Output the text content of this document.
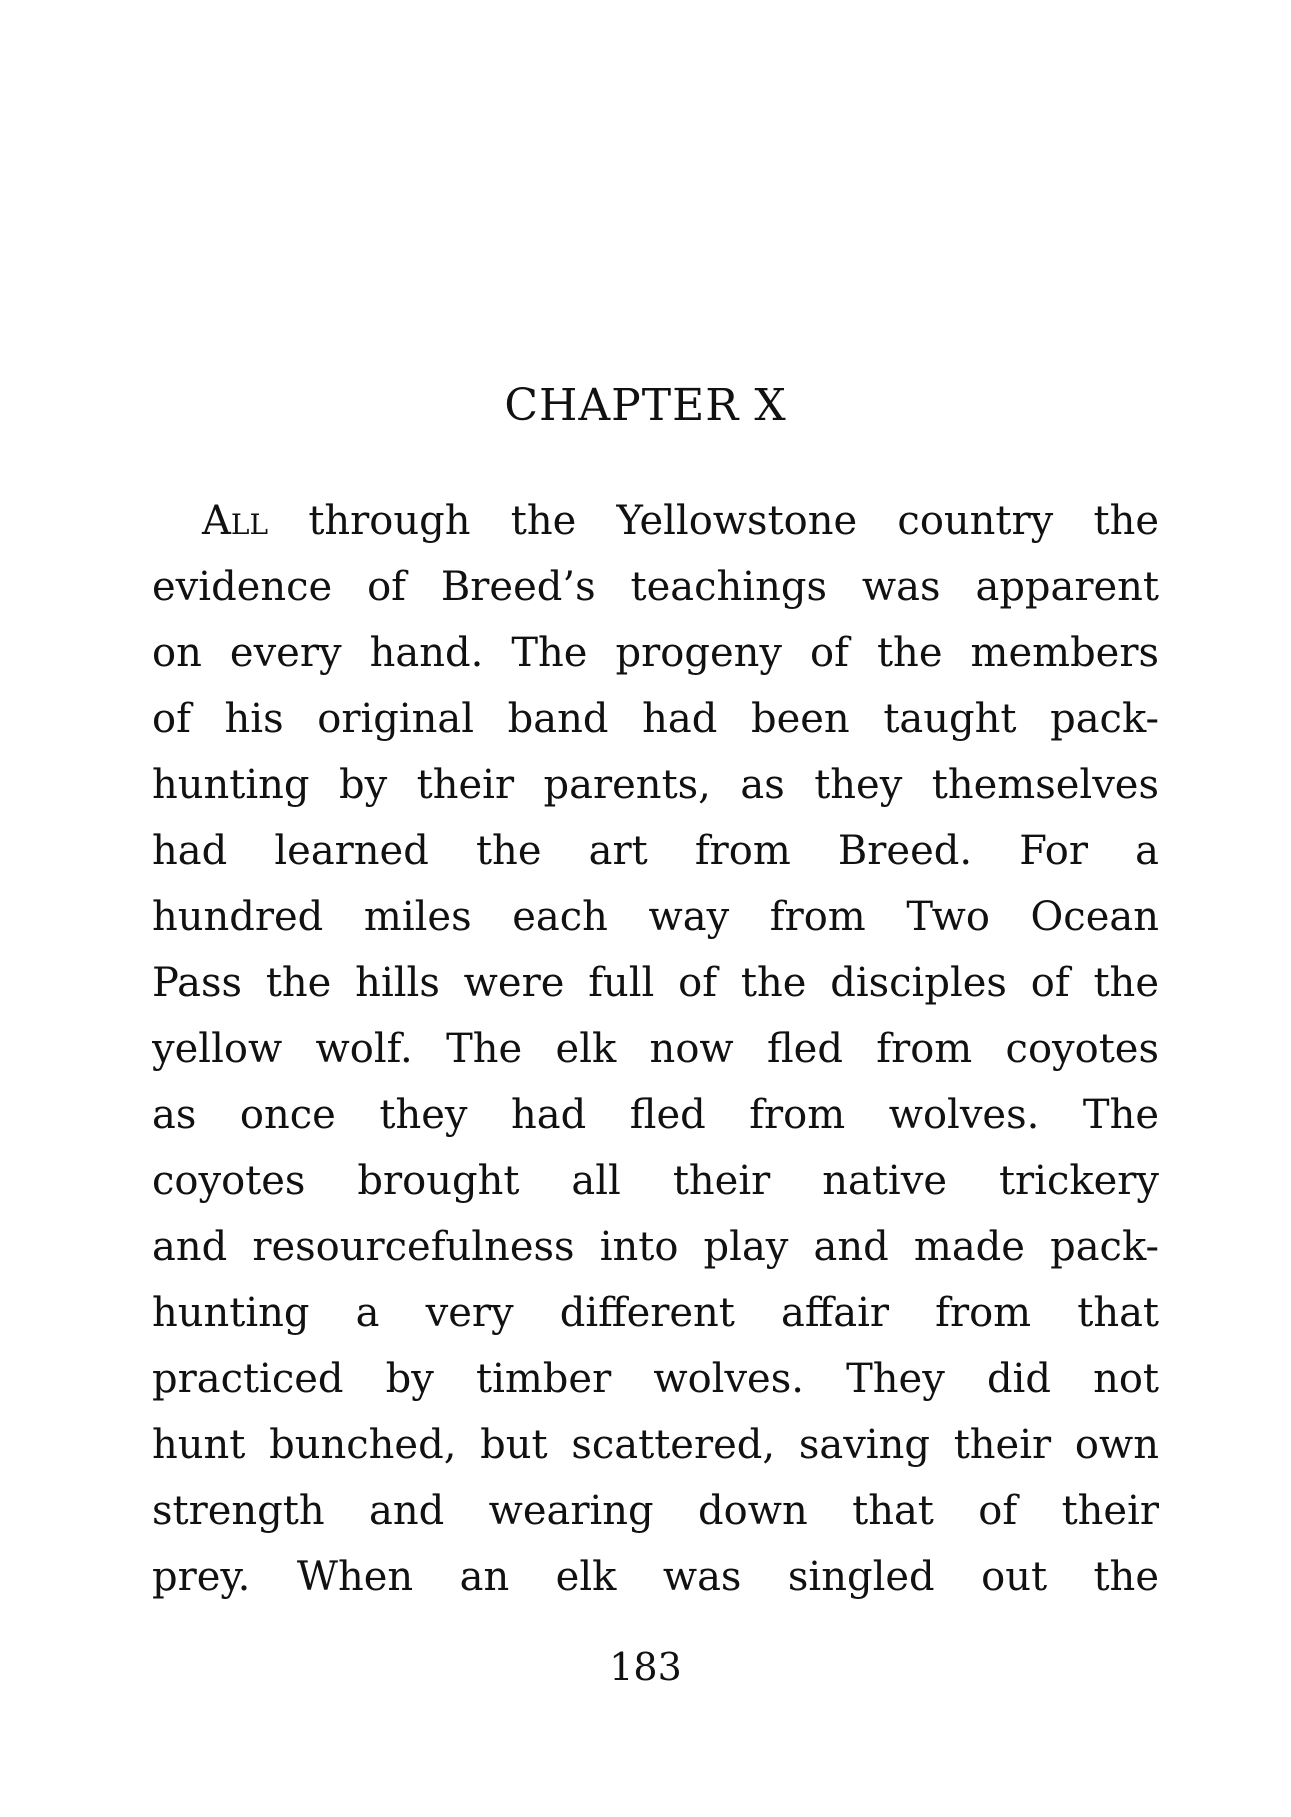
CHAPTER X
All through the Yellowstone country the
evidence of Breed’s teachings was apparent
on every hand. The progeny of the members
of his original band had been taught pack-
hunting by their parents, as they themselves
had learned the art from Breed. For a
hundred miles each way from Two Ocean
Pass the hills were full of the disciples of the
yellow wolf. The elk now fled from coyotes
as once they had fled from wolves. The
coyotes brought all their native trickery
and resourcefulness into play and made pack-
hunting a very different affair from that
practiced by timber wolves. They did not
hunt bunched, but scattered, saving their own
strength and wearing down that of their
prey. When an elk was singled out the
183
